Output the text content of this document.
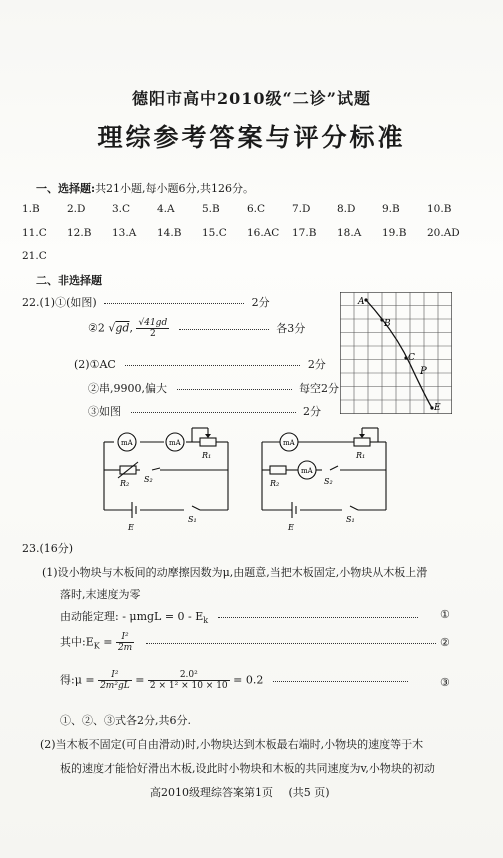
德阳市高中2010级“二诊”试题
理综参考答案与评分标准
一、选择题:共21小题,每小题6分,共126分。
1.B	2.D	3.C	4.A	5.B	6.C	7.D	8.D	9.B	10.B
11.C	12.B	13.A	14.B	15.C	16.AC	17.B	18.A	19.B	20.AD
21.C
二、非选择题
22.(1)①(如图)	2分
②2 √gd, $\frac{√41gd}{2}$	各3分
(2)①AC	2分
②串,9900,偏大	每空2分
③如图	2分
A
B
C
P
E
mA	mA
R₁
R₂ S₂
E
S₁
mA
mA
R₁
R₂	S₂
E
S₁
23.(16分)
(1)设小物块与木板间的动摩擦因数为μ,由题意,当把木板固定,小物块从木板上滑
落时,末速度为零
由动能定理: - $\mu mgL = 0 - E_k$	①
其中$:E_K = \frac{\text{I²}}{2m}$
	②
得:μ = $\frac{\text{I²}}{\text{2m²gL}} = \frac{\text{2.0²}}{\text{2 × 1² × 10 × 10}} = 0.2$	③
①、②、③式各2分,共6分.
(2)当木板不固定(可自由滑动)时,小物块达到木板最右端时,小物块的速度等于木
板的速度才能恰好滑出木板,设此时小物块和木板的共同速度为v,小物块的初动
高2010级理综答案第1页 (共5 页)
